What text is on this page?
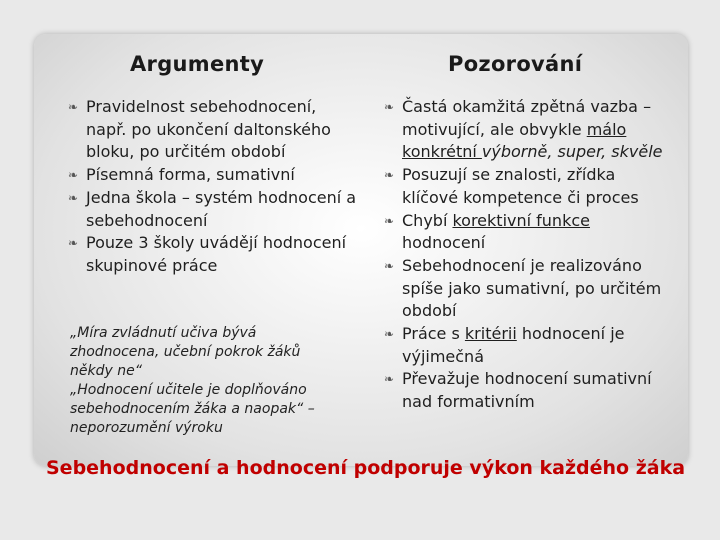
Argumenty	Pozorování
❧ Pravidelnost sebehodnocení, např. po ukončení daltonského bloku, po určitém období
❧ Písemná forma, sumativní
❧ Jedna škola – systém hodnocení a sebehodnocení
❧ Pouze 3 školy uvádějí hodnocení skupinové práce
„Míra zvládnutí učiva bývá
zhodnocena, učební pokrok žáků
někdy ne“
„Hodnocení učitele je doplňováno
sebehodnocením žáka a naopak“ –
neporozumění výroku
❧ Častá okamžitá zpětná vazba – motivující, ale obvykle málo konkrétní výborně, super, skvěle
❧ Posuzují se znalosti, zřídka klíčové kompetence či proces
❧ Chybí korektivní funkce hodnocení
❧ Sebehodnocení je realizováno spíše jako sumativní, po určitém období
❧ Práce s kritérii hodnocení je výjimečná
❧ Převažuje hodnocení sumativní nad formativním
Sebehodnocení a hodnocení podporuje výkon každého žáka
